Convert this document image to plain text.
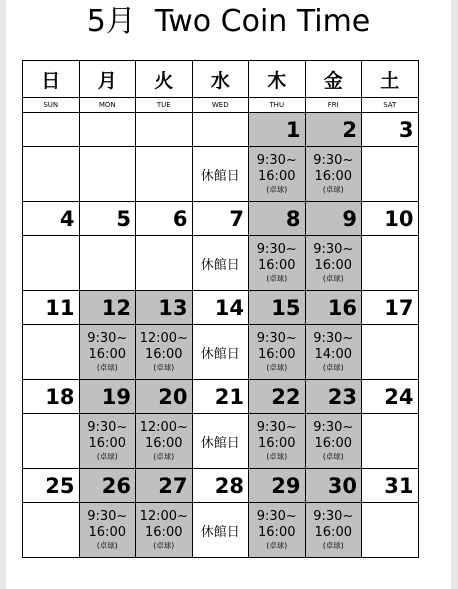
5月  Two Coin Time
日	月	火	水	木	金	土
SUN	MON	TUE	WED	THU	FRI	SAT
				1	2	3
			休館日	9:30~
16:00
(卓球)	9:30~
16:00
(卓球)	

4	5	6	7	8	9	10
			休館日	9:30~
16:00
(卓球)	9:30~
16:00
(卓球)	

11	12	13	14	15	16	17

	9:30~
16:00
(卓球)	12:00~
16:00
(卓球)	休館日	9:30~
16:00
(卓球)	9:30~
14:00
(卓球)	

18	19	20	21	22	23	24

	9:30~
16:00
(卓球)	12:00~
16:00
(卓球)	休館日	9:30~
16:00
(卓球)	9:30~
16:00
(卓球)	

25	26	27	28	29	30	31

	9:30~
16:00
(卓球)	12:00~
16:00
(卓球)	休館日	9:30~
16:00
(卓球)	9:30~
16:00
(卓球)	
